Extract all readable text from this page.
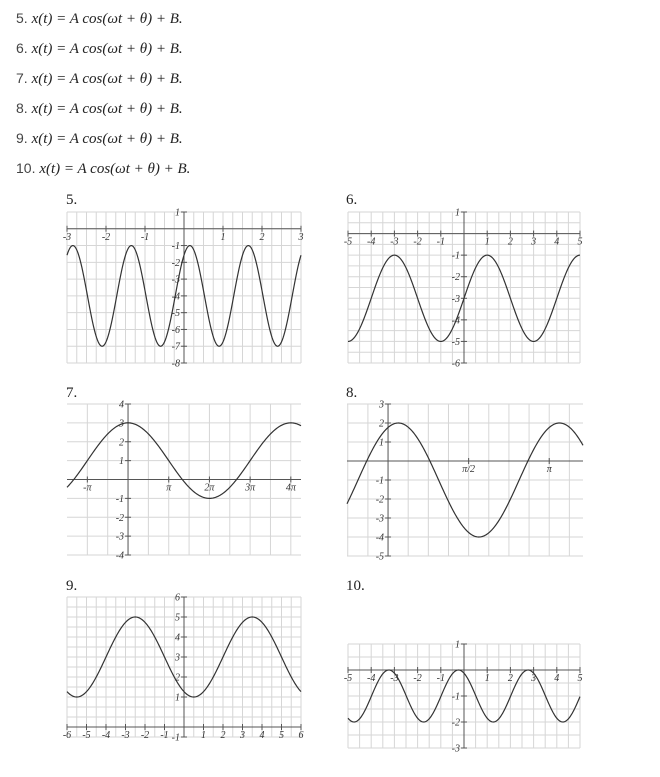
5. x(t) = A cos(ωt + θ) + B.
6. x(t) = A cos(ωt + θ) + B.
7. x(t) = A cos(ωt + θ) + B.
8. x(t) = A cos(ωt + θ) + B.
9. x(t) = A cos(ωt + θ) + B.
10. x(t) = A cos(ωt + θ) + B.
5.
-3	-2	-1	1	2	3
1
-1
-2
-3
-4
-5
-6
-7
-8
6.
-5 -4 -3 -2 -1	1 2 3 4 5
1
-1
-2
-3
-4
-5
-6
7.
-π	π	2π	3π	4π
4
3
2
1
-1
-2
-3
-4
8.
π/2	π
3
2
1
-1
-2
-3
-4
-5
9.
-6 -5 -4 -3 -2 -1	1 2 3 4 5 6
6
5
4
3
2
1
-1
10.
-5 -4 -3 -2 -1	1 2 3 4 5
1
-1
-2
-3
